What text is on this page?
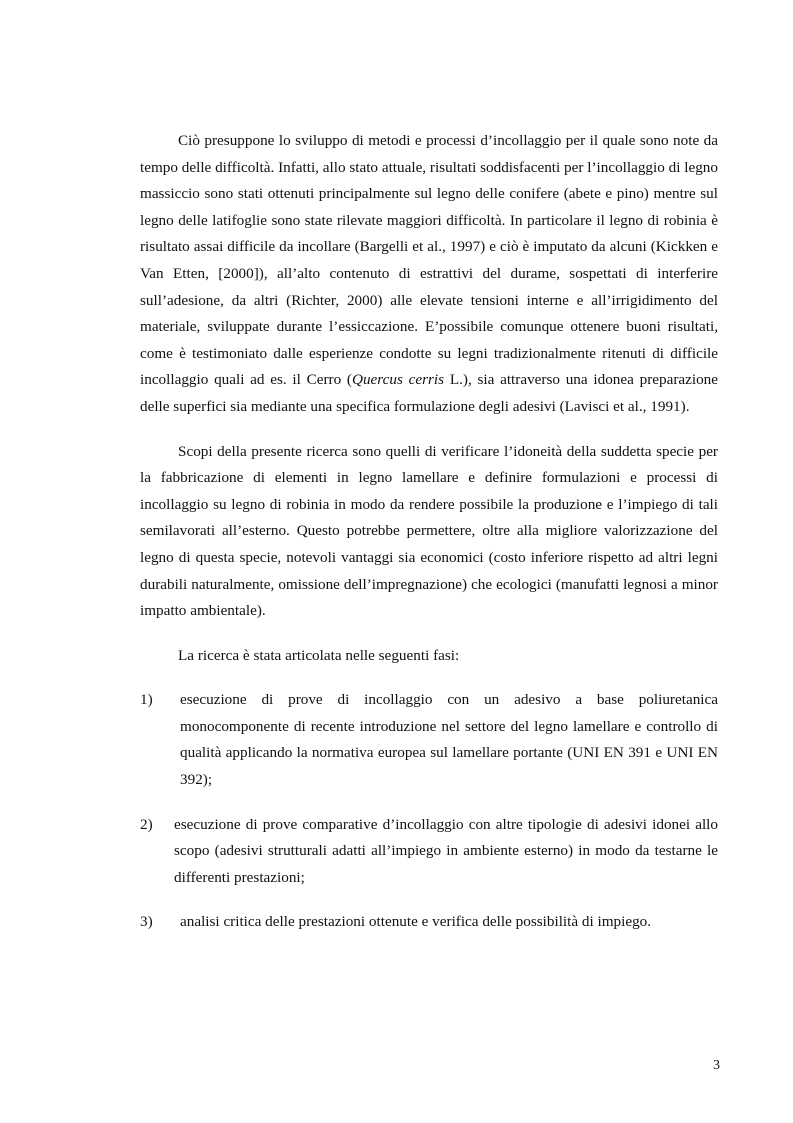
Ciò presuppone lo sviluppo di metodi e processi d’incollaggio per il quale sono note da tempo delle difficoltà. Infatti, allo stato attuale, risultati soddisfacenti per l’incollaggio di legno massiccio sono stati ottenuti principalmente sul legno delle conifere (abete e pino) mentre sul legno delle latifoglie sono state rilevate maggiori difficoltà. In particolare il legno di robinia è risultato assai difficile da incollare (Bargelli et al., 1997) e ciò è imputato da alcuni (Kickken e Van Etten, [2000]), all’alto contenuto di estrattivi del durame, sospettati di interferire sull’adesione, da altri (Richter, 2000) alle elevate tensioni interne e all’irrigidimento del materiale, sviluppate durante l’essiccazione. E’possibile comunque ottenere buoni risultati, come è testimoniato dalle esperienze condotte su legni tradizionalmente ritenuti di difficile incollaggio quali ad es. il Cerro (Quercus cerris L.), sia attraverso una idonea preparazione delle superfici sia mediante una specifica formulazione degli adesivi (Lavisci et al., 1991).

Scopi della presente ricerca sono quelli di verificare l’idoneità della suddetta specie per la fabbricazione di elementi in legno lamellare e definire formulazioni e processi di incollaggio su legno di robinia in modo da rendere possibile la produzione e l’impiego di tali semilavorati all’esterno. Questo potrebbe permettere, oltre alla migliore valorizzazione del legno di questa specie, notevoli vantaggi sia economici (costo inferiore rispetto ad altri legni durabili naturalmente, omissione dell’impregnazione) che ecologici (manufatti legnosi a minor impatto ambientale).

La ricerca è stata articolata nelle seguenti fasi:

1)	esecuzione di prove di incollaggio con un adesivo a base poliuretanica monocomponente di recente introduzione nel settore del legno lamellare e controllo di qualità applicando la normativa europea sul lamellare portante (UNI EN 391 e UNI EN 392);
2)	esecuzione di prove comparative d’incollaggio con altre tipologie di adesivi idonei allo scopo (adesivi strutturali adatti all’impiego in ambiente esterno) in modo da testarne le differenti prestazioni;
3)	analisi critica delle prestazioni ottenute e verifica delle possibilità di impiego.
3
